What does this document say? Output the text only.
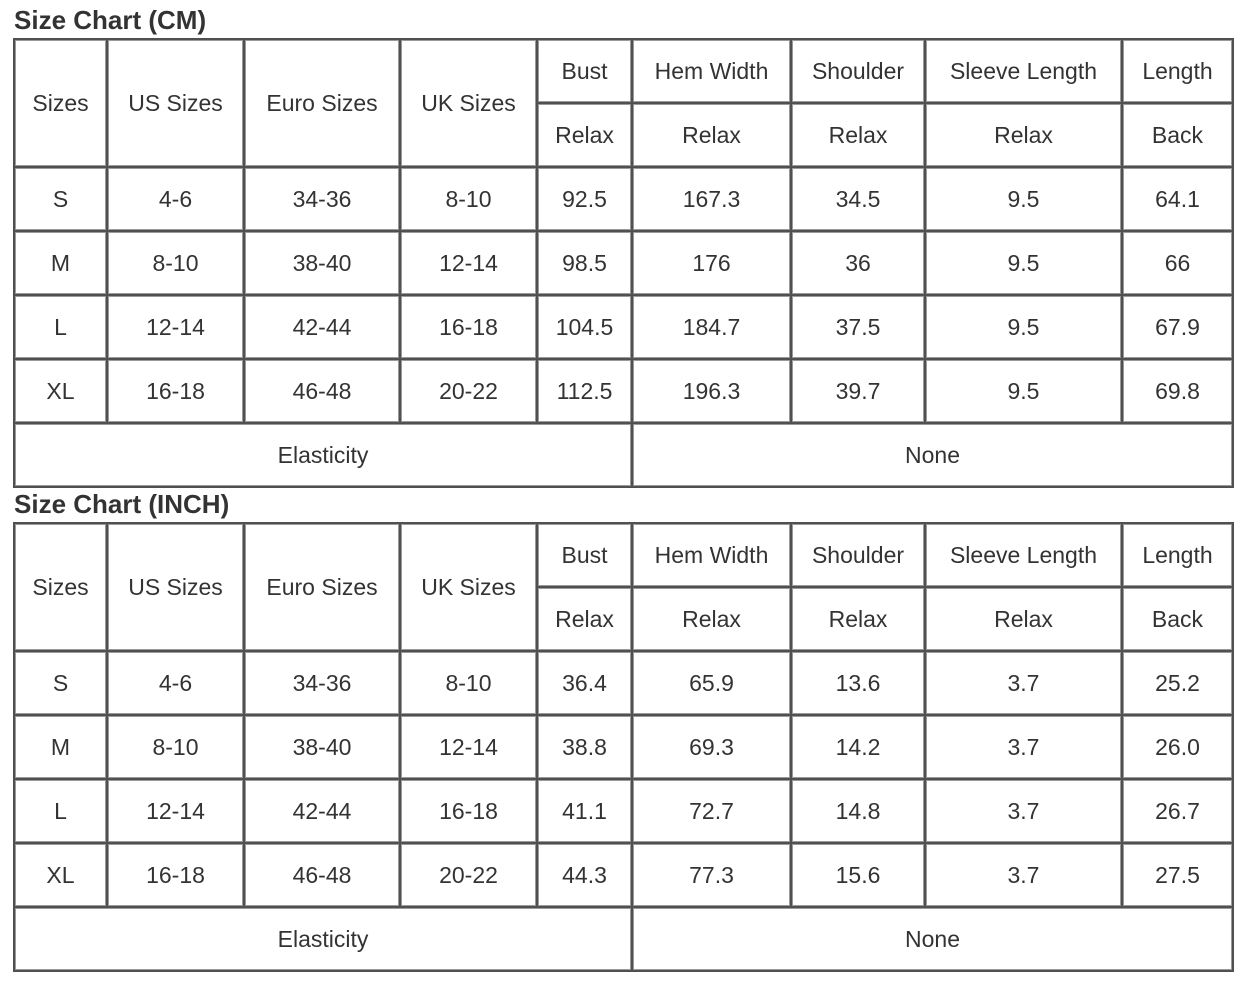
Size Chart (CM)
Sizes	US Sizes	Euro Sizes	UK Sizes	Bust	Hem Width	Shoulder	Sleeve Length	Length
				Relax	Relax	Relax	Relax	Back
S	4-6	34-36	8-10	92.5	167.3	34.5	9.5	64.1
M	8-10	38-40	12-14	98.5	176	36	9.5	66
L	12-14	42-44	16-18	104.5	184.7	37.5	9.5	67.9
XL	16-18	46-48	20-22	112.5	196.3	39.7	9.5	69.8
Elasticity					None			
Size Chart (INCH)
Sizes	US Sizes	Euro Sizes	UK Sizes	Bust	Hem Width	Shoulder	Sleeve Length	Length
				Relax	Relax	Relax	Relax	Back
S	4-6	34-36	8-10	36.4	65.9	13.6	3.7	25.2
M	8-10	38-40	12-14	38.8	69.3	14.2	3.7	26.0
L	12-14	42-44	16-18	41.1	72.7	14.8	3.7	26.7
XL	16-18	46-48	20-22	44.3	77.3	15.6	3.7	27.5
Elasticity					None			
